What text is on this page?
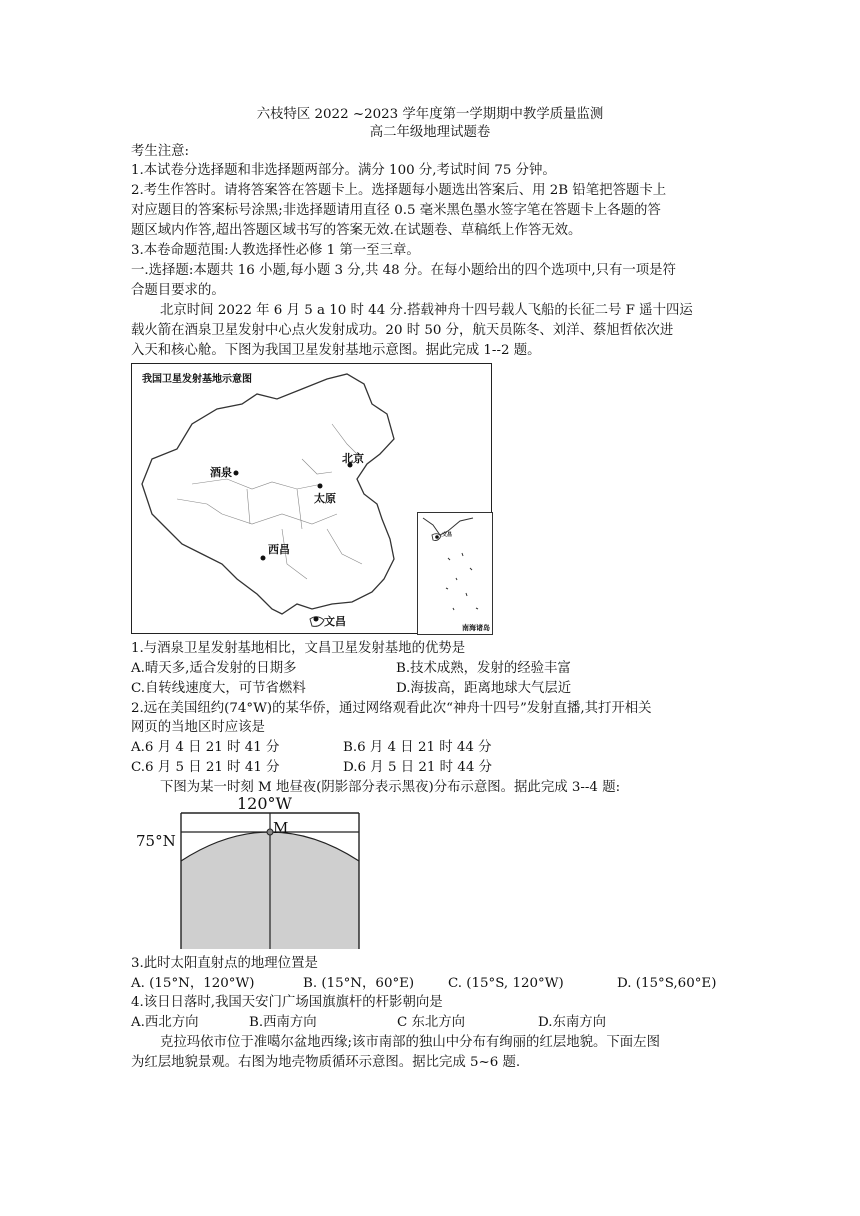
六枝特区 2022 ~2023 学年度第一学期期中教学质量监测
高二年级地理试题卷
考生注意:
1.本试卷分选择题和非选择题两部分。满分 100 分,考试时间 75 分钟。
2.考生作答时。请将答案答在答题卡上。选择题每小题选出答案后、用 2B 铅笔把答题卡上
对应题目的答案标号涂黑;非选择题请用直径 0.5 毫米黑色墨水签字笔在答题卡上各题的答
题区域内作答,超出答题区域书写的答案无效.在试题卷、草稿纸上作答无效。
3.本卷命题范围:人教选择性必修 1 第一至三章。
一.选择题:本题共 16 小题,每小题 3 分,共 48 分。在每小题给出的四个选项中,只有一项是符
合题目要求的。
北京时间 2022 年 6 月 5 a 10 时 44 分.搭载神舟十四号载人飞船的长征二号 F 遥十四运
载火箭在酒泉卫星发射中心点火发射成功。20 时 50 分，航天员陈冬、刘洋、蔡旭哲依次进
入天和核心舱。下图为我国卫星发射基地示意图。据此完成 1--2 题。
我国卫星发射基地示意图
酒泉
北京
太原
西昌
文昌
文昌
南海诸岛
1.与酒泉卫星发射基地相比，文昌卫星发射基地的优势是
A.晴天多,适合发射的日期多	B.技术成熟，发射的经验丰富
C.自转线速度大，可节省燃料	D.海拔高，距离地球大气层近
2.远在美国纽约(74°W)的某华侨，通过网络观看此次“神舟十四号”发射直播,其打开相关
网页的当地区时应该是
A.6 月 4 日 21 时 41 分	B.6 月 4 日 21 时 44 分
C.6 月 5 日 21 时 41 分	D.6 月 5 日 21 时 44 分
下图为某一时刻 M 地昼夜(阴影部分表示黑夜)分布示意图。据此完成 3--4 题:
120°W
75°N
M
3.此时太阳直射点的地理位置是
A. (15°N，120°W)	B. (15°N，60°E)	C. (15°S, 120°W)	D. (15°S,60°E)
4.该日日落时,我国天安门广场国旗旗杆的杆影朝向是
A.西北方向	B.西南方向	C 东北方向	D.东南方向
克拉玛依市位于准噶尔盆地西缘;该市南部的独山中分布有绚丽的红层地貌。下面左图
为红层地貌景观。右图为地壳物质循环示意图。据比完成 5~6 题.
